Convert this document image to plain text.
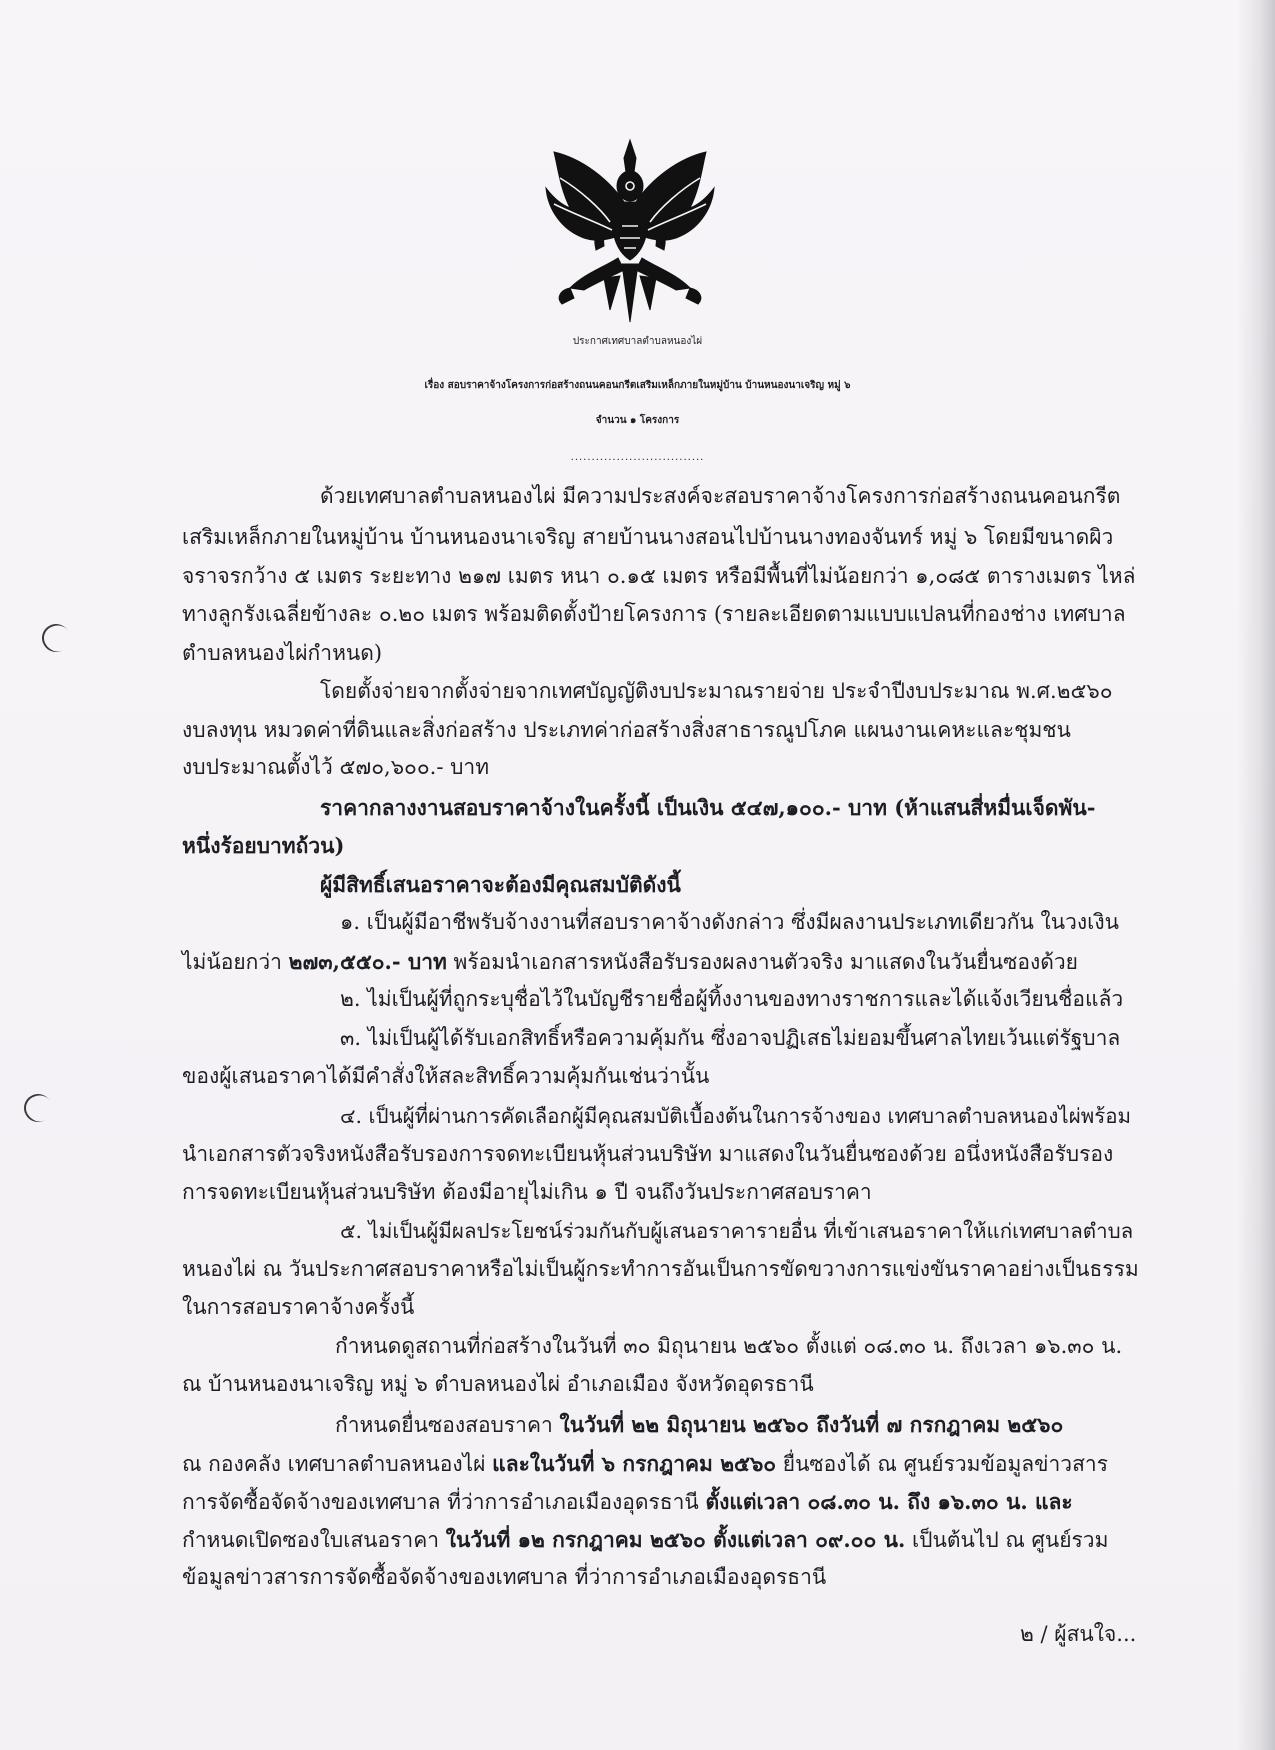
ประกาศเทศบาลตำบลหนองไผ่
เรื่อง สอบราคาจ้างโครงการก่อสร้างถนนคอนกรีตเสริมเหล็กภายในหมู่บ้าน บ้านหนองนาเจริญ หมู่ ๖
จำนวน ๑ โครงการ
................................
ด้วยเทศบาลตำบลหนองไผ่ มีความประสงค์จะสอบราคาจ้างโครงการก่อสร้างถนนคอนกรีต
เสริมเหล็กภายในหมู่บ้าน บ้านหนองนาเจริญ สายบ้านนางสอนไปบ้านนางทองจันทร์ หมู่ ๖ โดยมีขนาดผิว
จราจรกว้าง ๕ เมตร ระยะทาง ๒๑๗ เมตร หนา ๐.๑๕ เมตร หรือมีพื้นที่ไม่น้อยกว่า ๑,๐๘๕ ตารางเมตร ไหล่
ทางลูกรังเฉลี่ยข้างละ ๐.๒๐ เมตร พร้อมติดตั้งป้ายโครงการ (รายละเอียดตามแบบแปลนที่กองช่าง เทศบาล
ตำบลหนองไผ่กำหนด)
โดยตั้งจ่ายจากตั้งจ่ายจากเทศบัญญัติงบประมาณรายจ่าย ประจำปีงบประมาณ พ.ศ.๒๕๖๐
งบลงทุน หมวดค่าที่ดินและสิ่งก่อสร้าง ประเภทค่าก่อสร้างสิ่งสาธารณูปโภค แผนงานเคหะและชุมชน
งบประมาณตั้งไว้ ๕๗๐,๖๐๐.- บาท
ราคากลางงานสอบราคาจ้างในครั้งนี้ เป็นเงิน ๕๔๗,๑๐๐.- บาท (ห้าแสนสี่หมื่นเจ็ดพัน-
หนึ่งร้อยบาทถ้วน)
ผู้มีสิทธิ์เสนอราคาจะต้องมีคุณสมบัติดังนี้
๑. เป็นผู้มีอาชีพรับจ้างงานที่สอบราคาจ้างดังกล่าว ซึ่งมีผลงานประเภทเดียวกัน ในวงเงิน
ไม่น้อยกว่า ๒๗๓,๕๕๐.- บาท พร้อมนำเอกสารหนังสือรับรองผลงานตัวจริง มาแสดงในวันยื่นซองด้วย
๒. ไม่เป็นผู้ที่ถูกระบุชื่อไว้ในบัญชีรายชื่อผู้ทิ้งงานของทางราชการและได้แจ้งเวียนชื่อแล้ว
๓. ไม่เป็นผู้ได้รับเอกสิทธิ์หรือความคุ้มกัน ซึ่งอาจปฏิเสธไม่ยอมขึ้นศาลไทยเว้นแต่รัฐบาล
ของผู้เสนอราคาได้มีคำสั่งให้สละสิทธิ์ความคุ้มกันเช่นว่านั้น
๔. เป็นผู้ที่ผ่านการคัดเลือกผู้มีคุณสมบัติเบื้องต้นในการจ้างของ เทศบาลตำบลหนองไผ่พร้อม
นำเอกสารตัวจริงหนังสือรับรองการจดทะเบียนหุ้นส่วนบริษัท มาแสดงในวันยื่นซองด้วย อนึ่งหนังสือรับรอง
การจดทะเบียนหุ้นส่วนบริษัท ต้องมีอายุไม่เกิน ๑ ปี จนถึงวันประกาศสอบราคา
๕. ไม่เป็นผู้มีผลประโยชน์ร่วมกันกับผู้เสนอราคารายอื่น ที่เข้าเสนอราคาให้แก่เทศบาลตำบล
หนองไผ่ ณ วันประกาศสอบราคาหรือไม่เป็นผู้กระทำการอันเป็นการขัดขวางการแข่งขันราคาอย่างเป็นธรรม
ในการสอบราคาจ้างครั้งนี้
กำหนดดูสถานที่ก่อสร้างในวันที่ ๓๐ มิถุนายน ๒๕๖๐ ตั้งแต่ ๐๘.๓๐ น. ถึงเวลา ๑๖.๓๐ น.
ณ บ้านหนองนาเจริญ หมู่ ๖ ตำบลหนองไผ่ อำเภอเมือง จังหวัดอุดรธานี
กำหนดยื่นซองสอบราคา ในวันที่ ๒๒ มิถุนายน ๒๕๖๐ ถึงวันที่ ๗ กรกฎาคม ๒๕๖๐
ณ กองคลัง เทศบาลตำบลหนองไผ่ และในวันที่ ๖ กรกฎาคม ๒๕๖๐ ยื่นซองได้ ณ ศูนย์รวมข้อมูลข่าวสาร
การจัดซื้อจัดจ้างของเทศบาล ที่ว่าการอำเภอเมืองอุดรธานี ตั้งแต่เวลา ๐๘.๓๐ น. ถึง ๑๖.๓๐ น. และ
กำหนดเปิดซองใบเสนอราคา ในวันที่ ๑๒ กรกฎาคม ๒๕๖๐ ตั้งแต่เวลา ๐๙.๐๐ น. เป็นต้นไป ณ ศูนย์รวม
ข้อมูลข่าวสารการจัดซื้อจัดจ้างของเทศบาล ที่ว่าการอำเภอเมืองอุดรธานี
๒ / ผู้สนใจ...
